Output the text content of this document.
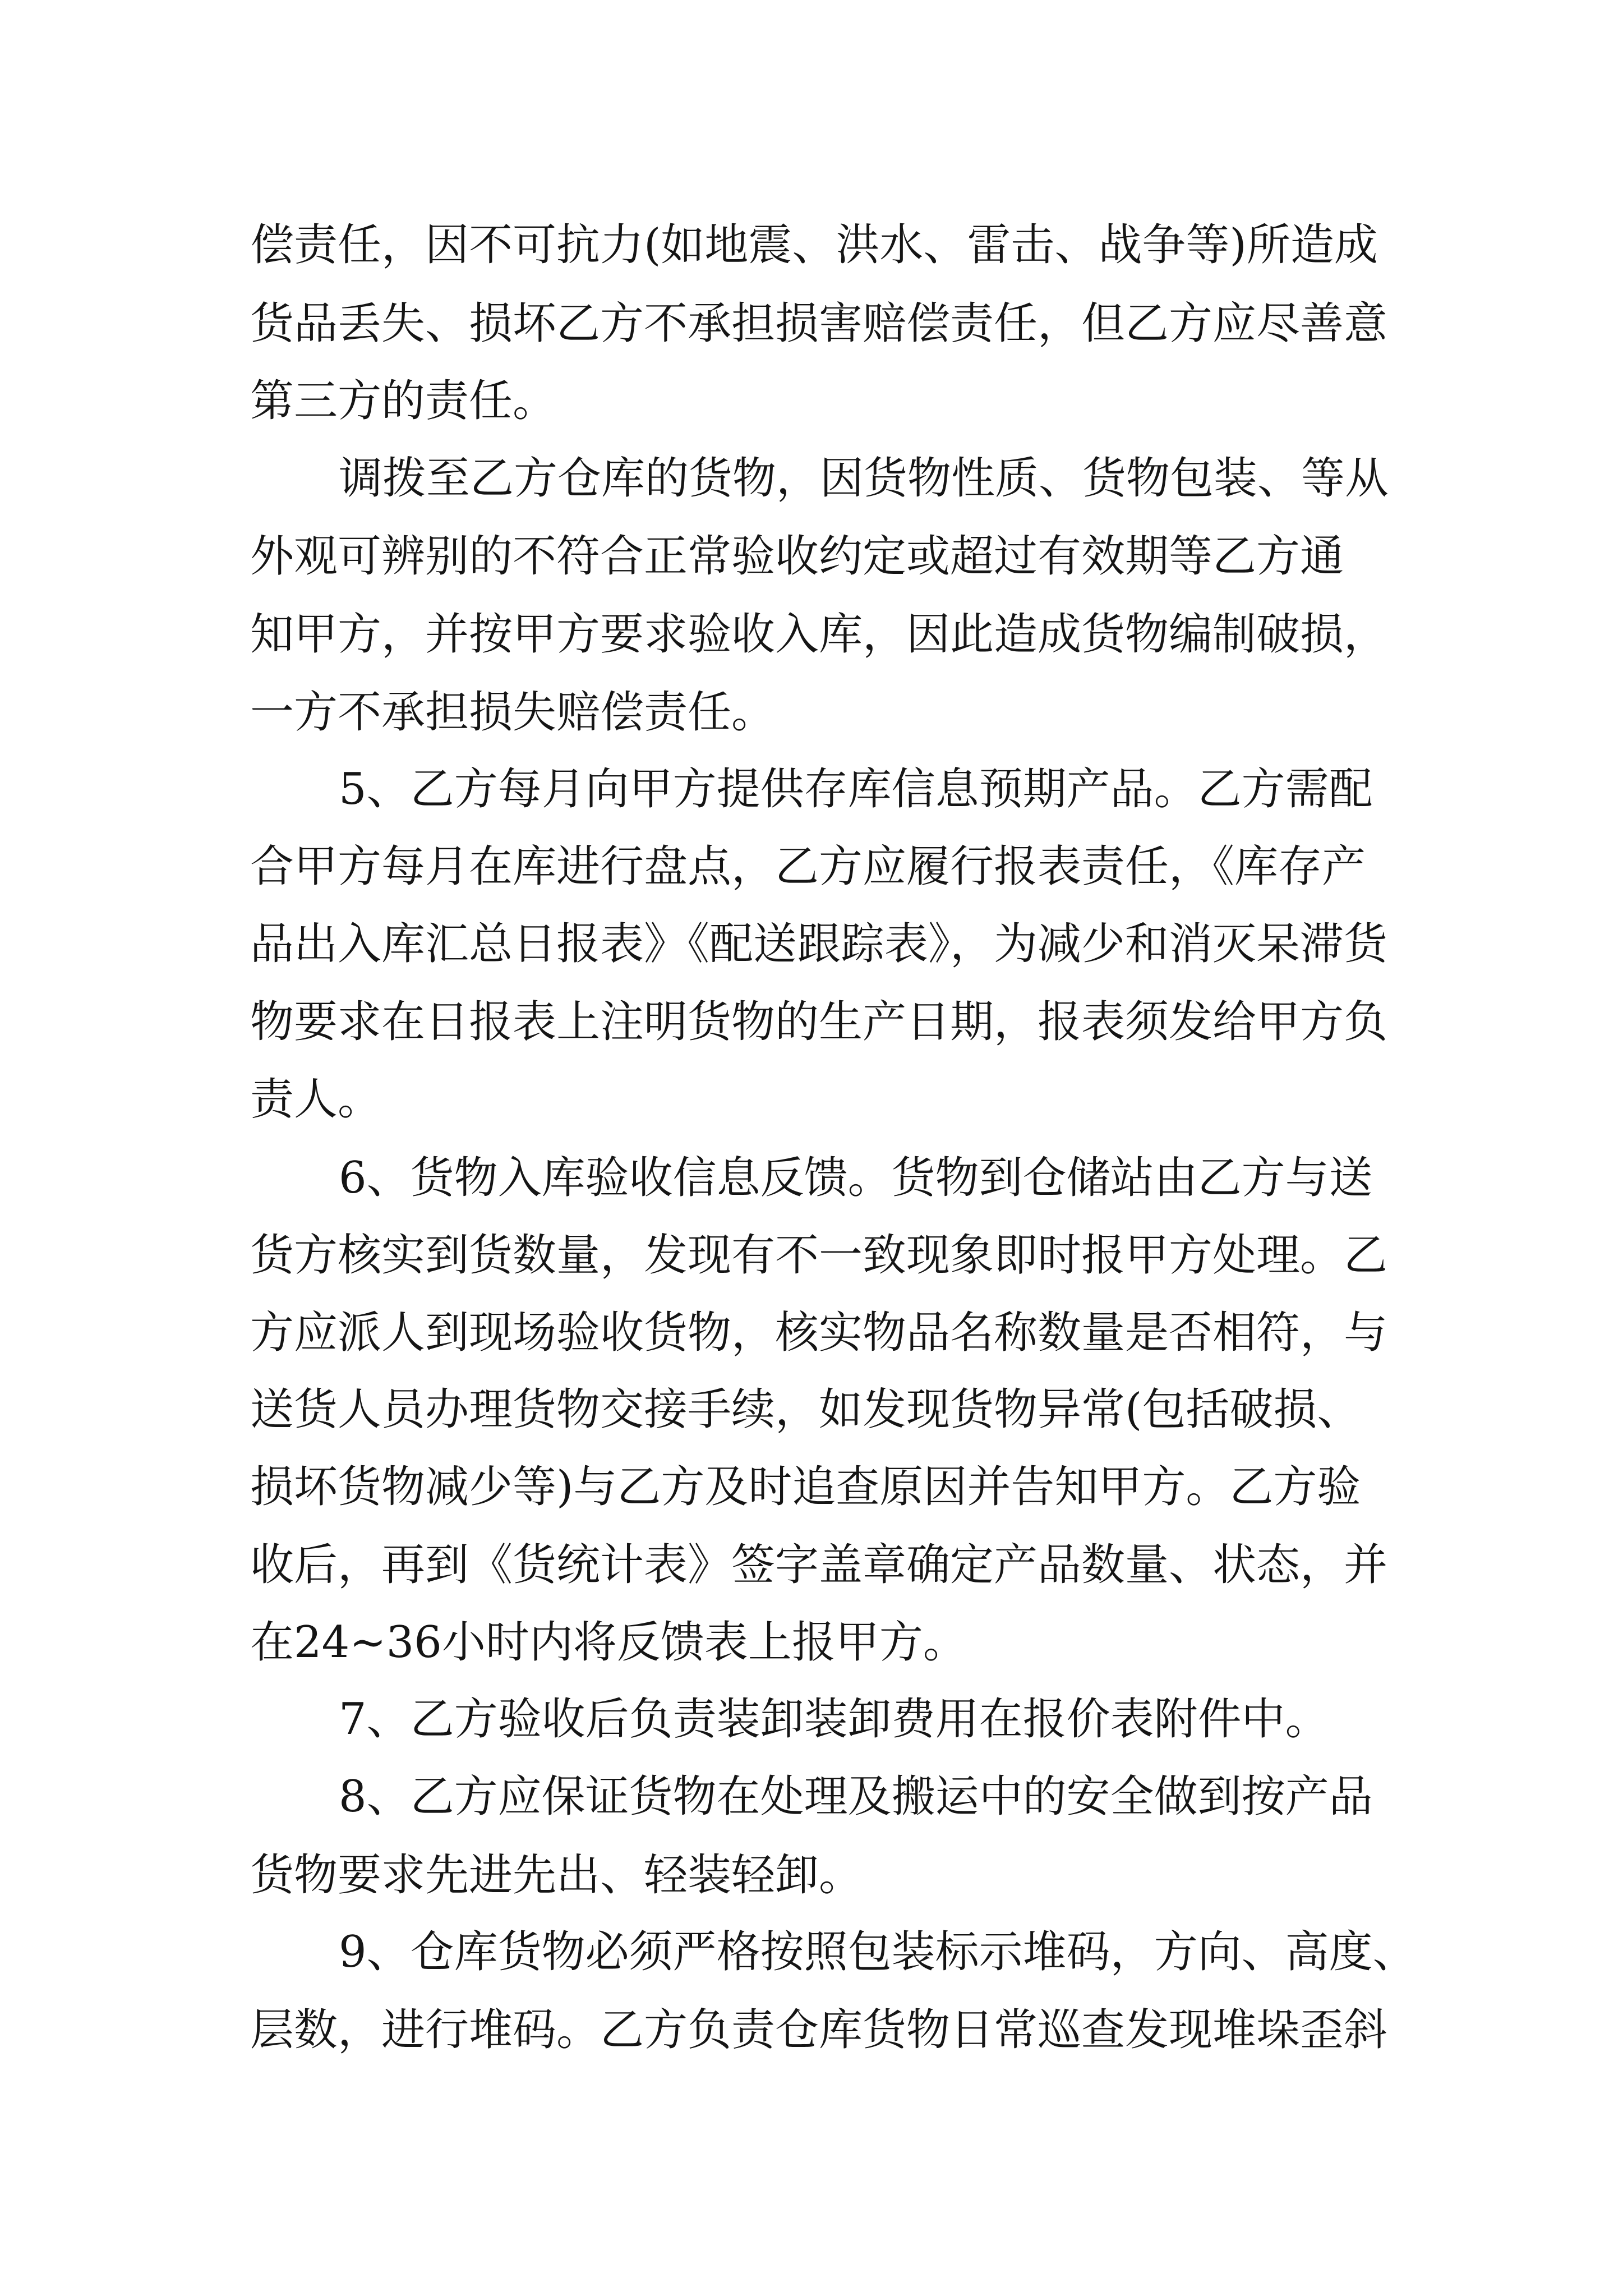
偿责任，因不可抗力(如地震、洪水、雷击、战争等)所造成
货品丢失、损坏乙方不承担损害赔偿责任，但乙方应尽善意
第三方的责任。
调拨至乙方仓库的货物，因货物性质、货物包装、等从
外观可辨别的不符合正常验收约定或超过有效期等乙方通
知甲方，并按甲方要求验收入库，因此造成货物编制破损，
一方不承担损失赔偿责任。
5、乙方每月向甲方提供存库信息预期产品。乙方需配
合甲方每月在库进行盘点，乙方应履行报表责任，《库存产
品出入库汇总日报表》《配送跟踪表》，为减少和消灭呆滞货
物要求在日报表上注明货物的生产日期，报表须发给甲方负
责人。
6、货物入库验收信息反馈。货物到仓储站由乙方与送
货方核实到货数量，发现有不一致现象即时报甲方处理。乙
方应派人到现场验收货物，核实物品名称数量是否相符，与
送货人员办理货物交接手续，如发现货物异常(包括破损、
损坏货物减少等)与乙方及时追查原因并告知甲方。乙方验
收后，再到《货统计表》签字盖章确定产品数量、状态，并
在24~36小时内将反馈表上报甲方。
7、乙方验收后负责装卸装卸费用在报价表附件中。
8、乙方应保证货物在处理及搬运中的安全做到按产品
货物要求先进先出、轻装轻卸。
9、仓库货物必须严格按照包装标示堆码，方向、高度、
层数，进行堆码。乙方负责仓库货物日常巡查发现堆垛歪斜
